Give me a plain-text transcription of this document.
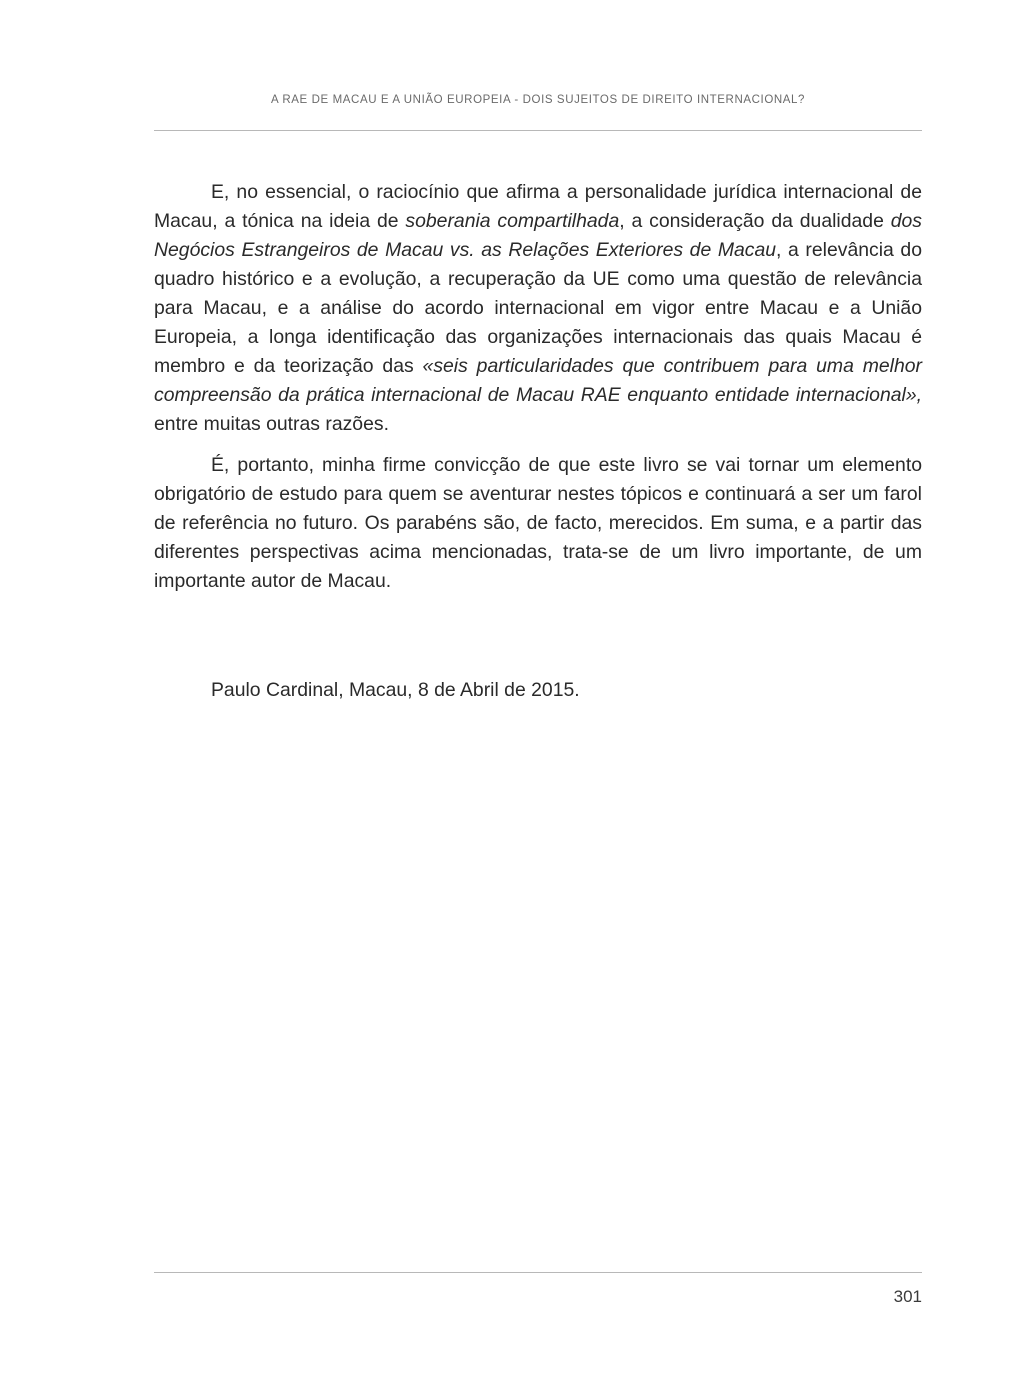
A RAE DE MACAU E A UNIÃO EUROPEIA - DOIS SUJEITOS DE DIREITO INTERNACIONAL?

E, no essencial, o raciocínio que afirma a personalidade jurídica internacional de Macau, a tónica na ideia de soberania compartilhada, a consideração da dualidade dos Negócios Estrangeiros de Macau vs. as Relações Exteriores de Macau, a relevância do quadro histórico e a evolução, a recuperação da UE como uma questão de relevância para Macau, e a análise do acordo internacional em vigor entre Macau e a União Europeia, a longa identificação das organizações internacionais das quais Macau é membro e da teorização das «seis particularidades que contribuem para uma melhor compreensão da prática internacional de Macau RAE enquanto entidade internacional», entre muitas outras razões.

É, portanto, minha firme convicção de que este livro se vai tornar um elemento obrigatório de estudo para quem se aventurar nestes tópicos e continuará a ser um farol de referência no futuro. Os parabéns são, de facto, merecidos. Em suma, e a partir das diferentes perspectivas acima mencionadas, trata-se de um livro importante, de um importante autor de Macau.

Paulo Cardinal, Macau, 8 de Abril de 2015.
301
